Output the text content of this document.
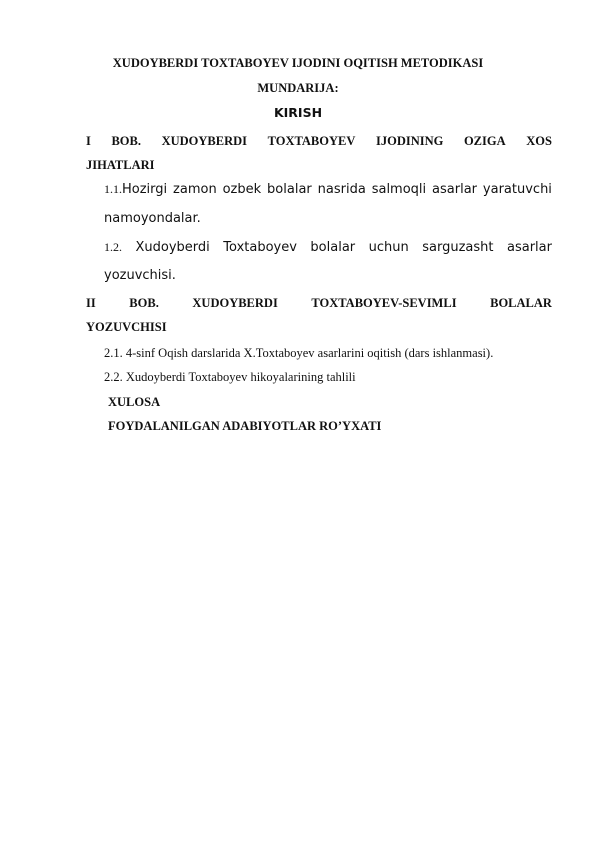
XUDOYBERDI TOXTABOYEV IJODINI OQITISH METODIKASI
MUNDARIJA:
KIRISH
I BOB. XUDOYBERDI TOXTABOYEV IJODINING OZIGA XOS
JIHATLARI
1.1.Hozirgi zamon ozbek bolalar nasrida salmoqli asarlar yaratuvchi
namoyondalar.
1.2. Xudoyberdi Toxtaboyev bolalar uchun sarguzasht asarlar
yozuvchisi.
II	BOB.	XUDOYBERDI	TOXTABOYEV-SEVIMLI	BOLALAR
YOZUVCHISI
2.1. 4-sinf Oqish darslarida X.Toxtaboyev asarlarini oqitish (dars ishlanmasi).
2.2. Xudoyberdi Toxtaboyev hikoyalarining tahlili
XULOSA
FOYDALANILGAN ADABIYOTLAR RO’YXATI
